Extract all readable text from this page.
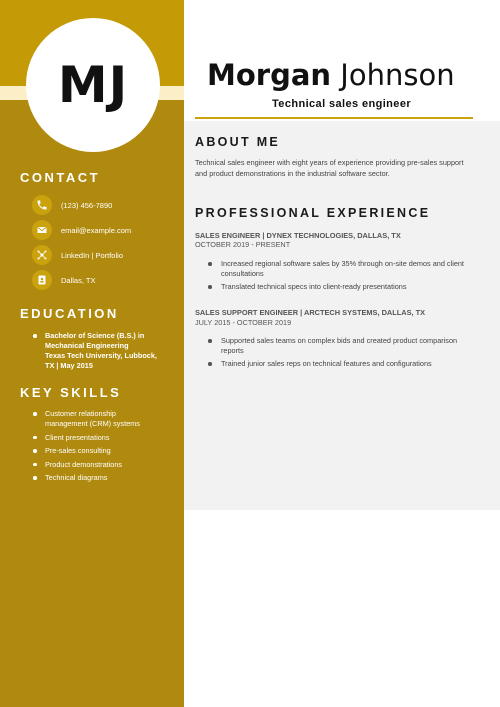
MJ	Morgan Johnson
Technical sales engineer
CONTACT
(123) 456-7890
email@example.com
LinkedIn | Portfolio
Dallas, TX
EDUCATION
Bachelor of Science (B.S.) in
Mechanical Engineering
Texas Tech University, Lubbock,
TX | May 2015
KEY SKILLS
Customer relationship management (CRM) systems
Client presentations
Pre-sales consulting
Product demonstrations
Technical diagrams
ABOUT ME
Technical sales engineer with eight years of experience providing pre-sales support and product demonstrations in the industrial software sector.
PROFESSIONAL EXPERIENCE
SALES ENGINEER | DYNEX TECHNOLOGIES, DALLAS, TX
OCTOBER 2019 - PRESENT
Increased regional software sales by 35% through on-site demos and client consultations
Translated technical specs into client-ready presentations
SALES SUPPORT ENGINEER | ARCTECH SYSTEMS, DALLAS, TX
JULY 2015 - OCTOBER 2019
Supported sales teams on complex bids and created product comparison reports
Trained junior sales reps on technical features and configurations
